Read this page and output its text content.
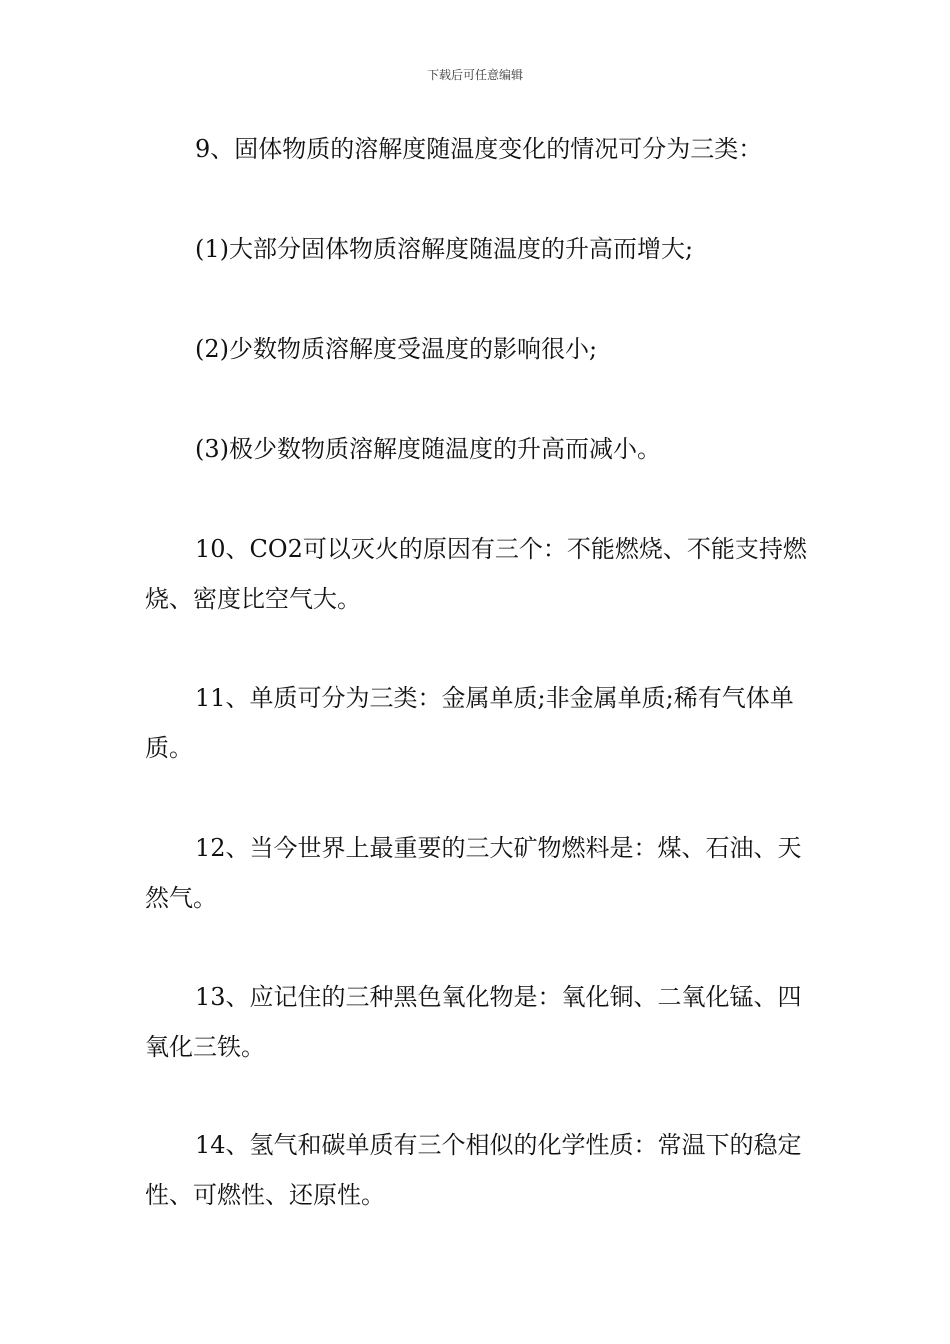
下载后可任意编辑
9、固体物质的溶解度随温度变化的情况可分为三类：
(1)大部分固体物质溶解度随温度的升高而增大;
(2)少数物质溶解度受温度的影响很小;
(3)极少数物质溶解度随温度的升高而减小。
10、CO2可以灭火的原因有三个：不能燃烧、不能支持燃烧、密度比空气大。
11、单质可分为三类：金属单质;非金属单质;稀有气体单质。
12、当今世界上最重要的三大矿物燃料是：煤、石油、天然气。
13、应记住的三种黑色氧化物是：氧化铜、二氧化锰、四氧化三铁。
14、氢气和碳单质有三个相似的化学性质：常温下的稳定性、可燃性、还原性。
